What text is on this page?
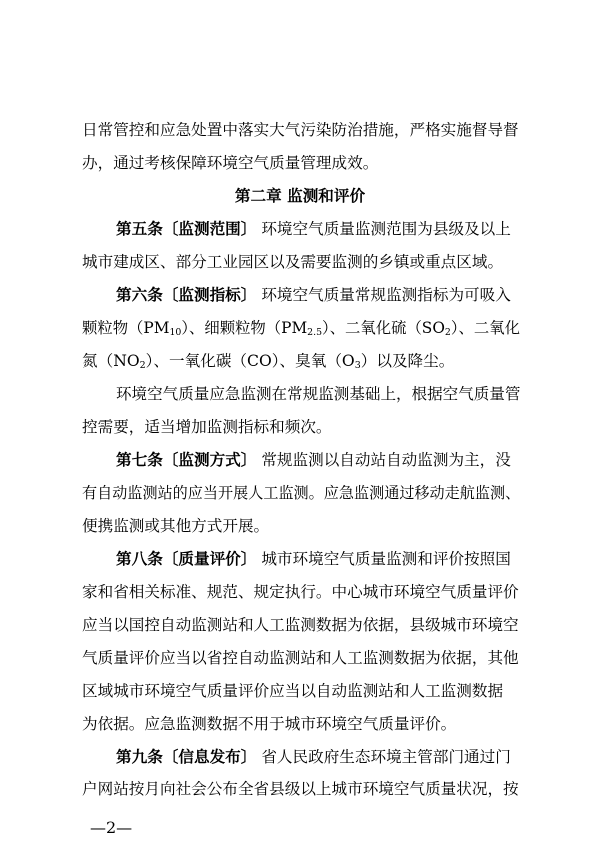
日常管控和应急处置中落实大气污染防治措施，严格实施督导督
办，通过考核保障环境空气质量管理成效。
第二章 监测和评价
第五条〔监测范围〕 环境空气质量监测范围为县级及以上
城市建成区、部分工业园区以及需要监测的乡镇或重点区域。
第六条〔监测指标〕 环境空气质量常规监测指标为可吸入
颗粒物$(PM_{10})$、细颗粒物$(PM_{2.5})$、二氧化硫$(SO_2)$、二氧化
氮$(NO_2)$、一氧化碳（CO）、臭氧$(O_3)$以及降尘。
环境空气质量应急监测在常规监测基础上，根据空气质量管
控需要，适当增加监测指标和频次。
第七条〔监测方式〕 常规监测以自动站自动监测为主，没
有自动监测站的应当开展人工监测。应急监测通过移动走航监测、
便携监测或其他方式开展。
第八条〔质量评价〕 城市环境空气质量监测和评价按照国
家和省相关标准、规范、规定执行。中心城市环境空气质量评价
应当以国控自动监测站和人工监测数据为依据，县级城市环境空
气质量评价应当以省控自动监测站和人工监测数据为依据，其他
区域城市环境空气质量评价应当以自动监测站和人工监测数据
为依据。应急监测数据不用于城市环境空气质量评价。
第九条〔信息发布〕 省人民政府生态环境主管部门通过门
户网站按月向社会公布全省县级以上城市环境空气质量状况，按
—2—
